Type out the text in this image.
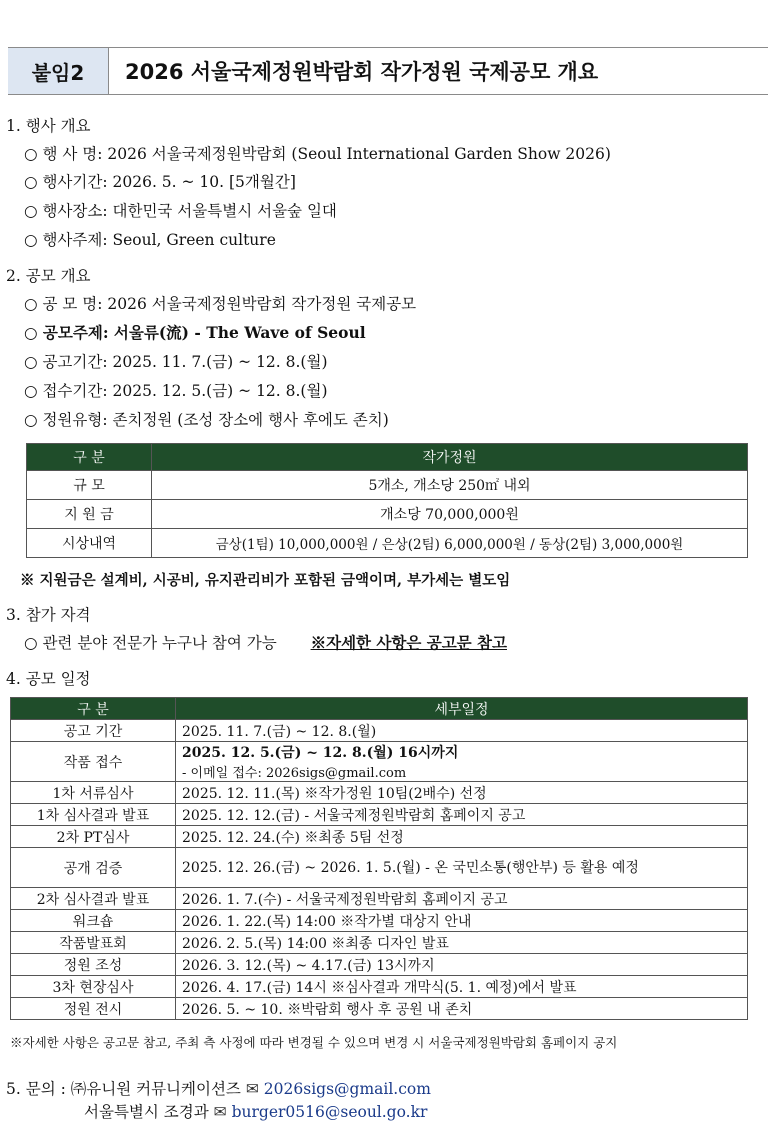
붙임2	2026 서울국제정원박람회 작가정원 국제공모 개요
1. 행사 개요
○ 행 사 명: 2026 서울국제정원박람회 (Seoul International Garden Show 2026)
○ 행사기간: 2026. 5. ~ 10. [5개월간]
○ 행사장소: 대한민국 서울특별시 서울숲 일대
○ 행사주제: Seoul, Green culture
2. 공모 개요
○ 공 모 명: 2026 서울국제정원박람회 작가정원 국제공모
○ 공모주제: 서울류(流) - The Wave of Seoul
○ 공고기간: 2025. 11. 7.(금) ~ 12. 8.(월)
○ 접수기간: 2025. 12. 5.(금) ~ 12. 8.(월)
○ 정원유형: 존치정원 (조성 장소에 행사 후에도 존치)
구 분	작가정원
규 모	5개소, 개소당 250㎡ 내외
지 원 금	개소당 70,000,000원
시상내역	금상(1팀) 10,000,000원 / 은상(2팀) 6,000,000원 / 동상(2팀) 3,000,000원
※ 지원금은 설계비, 시공비, 유지관리비가 포함된 금액이며, 부가세는 별도임
3. 참가 자격
○ 관련 분야 전문가 누구나 참여 가능 ※자세한 사항은 공고문 참고
4. 공모 일정
구 분	세부일정
공고 기간	2025. 11. 7.(금) ~ 12. 8.(월)
작품 접수	2025. 12. 5.(금) ~ 12. 8.(월) 16시까지
- 이메일 접수: 2026sigs@gmail.com

1차 서류심사	2025. 12. 11.(목) ※작가정원 10팀(2배수) 선정
1차 심사결과 발표	2025. 12. 12.(금) - 서울국제정원박람회 홈페이지 공고
2차 PT심사	2025. 12. 24.(수) ※최종 5팀 선정
공개 검증	2025. 12. 26.(금) ~ 2026. 1. 5.(월) - 온 국민소통(행안부) 등 활용 예정
2차 심사결과 발표	2026. 1. 7.(수) - 서울국제정원박람회 홈페이지 공고
워크숍	2026. 1. 22.(목) 14:00 ※작가별 대상지 안내
작품발표회	2026. 2. 5.(목) 14:00 ※최종 디자인 발표
정원 조성	2026. 3. 12.(목) ~ 4.17.(금) 13시까지
3차 현장심사	2026. 4. 17.(금) 14시 ※심사결과 개막식(5. 1. 예정)에서 발표
정원 전시	2026. 5. ~ 10. ※박람회 행사 후 공원 내 존치
※자세한 사항은 공고문 참고, 주최 측 사정에 따라 변경될 수 있으며 변경 시 서울국제정원박람회 홈페이지 공지
5. 문의 : ㈜유니원 커뮤니케이션즈 ✉ 2026sigs@gmail.com
서울특별시 조경과 ✉ burger0516@seoul.go.kr
